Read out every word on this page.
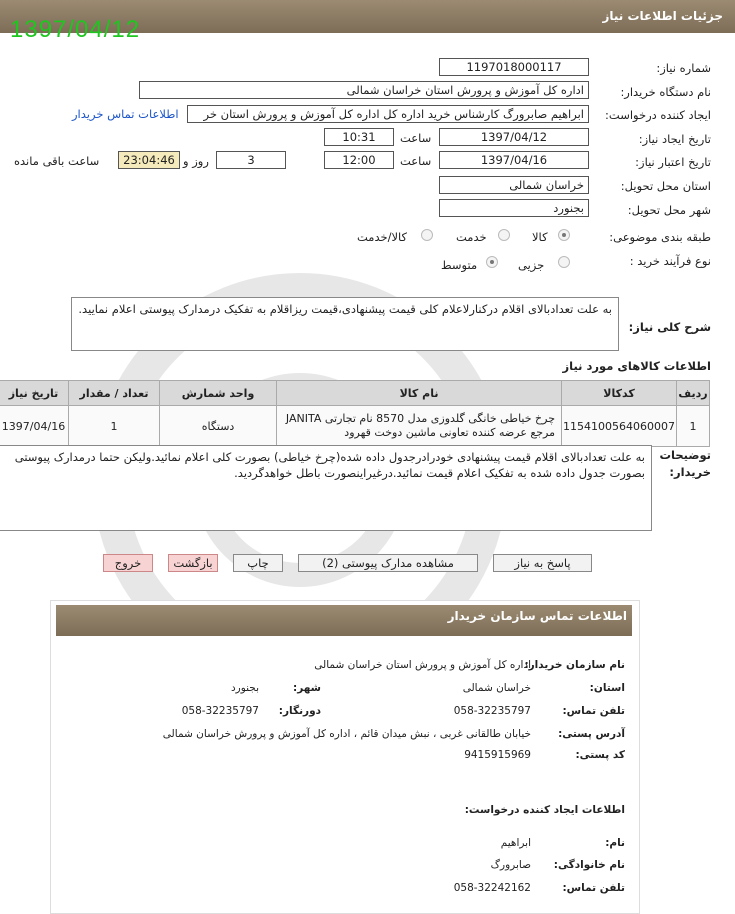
جزئیات اطلاعات نیاز
1397/04/12
شماره نیاز:
1197018000117
نام دستگاه خریدار:
اداره کل آموزش و پرورش استان خراسان شمالی
ایجاد کننده درخواست:
ابراهیم صابرورگ کارشناس خرید اداره کل اداره کل آموزش و پرورش استان خر
اطلاعات تماس خریدار
تاریخ ایجاد نیاز:
1397/04/12
ساعت
10:31
تاریخ اعتبار نیاز:
1397/04/16
ساعت
12:00
3
روز و
23:04:46
ساعت باقی مانده
استان محل تحویل:
خراسان شمالی
شهر محل تحویل:
بجنورد
طبقه بندی موضوعی:
کالا
خدمت
کالا/خدمت
نوع فرآیند خرید :
جزیی
متوسط
شرح کلی نیاز:
به علت تعدادبالای اقلام درکنارلاعلام کلی قیمت پیشنهادی،قیمت ریزاقلام به تفکیک درمدارک پیوستی اعلام نمایید.
اطلاعات کالاهای مورد نیاز
ردیف	کدکالا	نام کالا	واحد شمارش	تعداد / مقدار	تاریخ نیاز
1	1154100564060007	چرخ خیاطی خانگی گلدوزی مدل 8570 نام تجارتی JANITA مرجع عرضه کننده تعاونی ماشین دوخت قهرود	دستگاه	1	1397/04/16
توضیحات خریدار:
به علت تعدادبالای اقلام قیمت پیشنهادی خودرادرجدول داده شده(چرخ خیاطی) بصورت کلی اعلام نمائید.ولیکن حتما درمدارک پیوستی بصورت جدول داده شده به تفکیک اعلام قیمت نمائید.درغیراینصورت باطل خواهدگردید.
پاسخ به نیاز
مشاهده مدارک پیوستی (2)
چاپ
بازگشت
خروج
اطلاعات تماس سازمان خریدار
نام سازمان خریدار:
اداره کل آموزش و پرورش استان خراسان شمالی
استان:
خراسان شمالی
شهر:
بجنورد
تلفن تماس:
058-32235797
دورنگار:
058-32235797
آدرس پستی:
خیابان طالقانی غربی ، نبش میدان قائم ، اداره کل آموزش و پرورش خراسان شمالی
کد پستی:
9415915969
اطلاعات ایجاد کننده درخواست:
نام:
ابراهیم
نام خانوادگی:
صابرورگ
تلفن تماس:
058-32242162
